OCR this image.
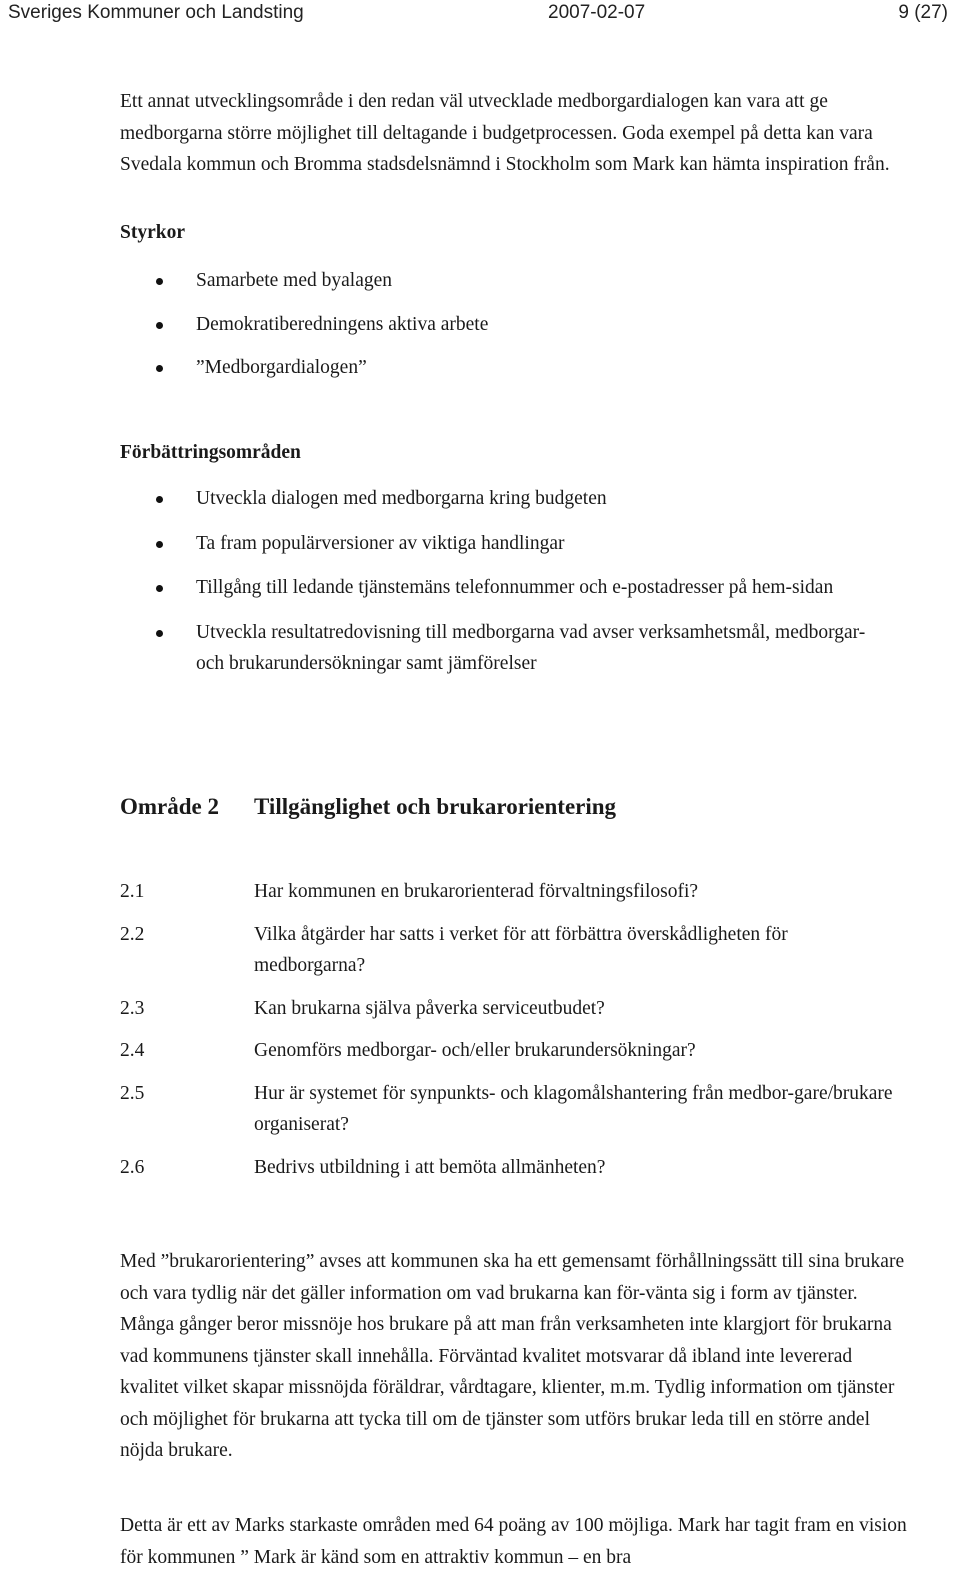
Sveriges Kommuner och Landsting	2007-02-07	9 (27)

Ett annat utvecklingsområde i den redan väl utvecklade medborgardialogen kan vara att ge medborgarna större möjlighet till deltagande i budgetprocessen. Goda exempel på detta kan vara Svedala kommun och Bromma stadsdelsnämnd i Stockholm som Mark kan hämta inspiration från.

Styrkor
Samarbete med byalagen
Demokratiberedningens aktiva arbete
”Medborgardialogen”
Förbättringsområden
Utveckla dialogen med medborgarna kring budgeten
Ta fram populärversioner av viktiga handlingar
Tillgång till ledande tjänstemäns telefonnummer och e-postadresser på hem-sidan
Utveckla resultatredovisning till medborgarna vad avser verksamhetsmål, medborgar- och brukarundersökningar samt jämförelser
Område 2 Tillgänglighet och brukarorientering
2.1	Har kommunen en brukarorienterad förvaltningsfilosofi?
2.2	Vilka åtgärder har satts i verket för att förbättra överskådligheten för medborgarna?
2.3	Kan brukarna själva påverka serviceutbudet?
2.4	Genomförs medborgar- och/eller brukarundersökningar?
2.5	Hur är systemet för synpunkts- och klagomålshantering från medbor-gare/brukare organiserat?
2.6	Bedrivs utbildning i att bemöta allmänheten?

Med ”brukarorientering” avses att kommunen ska ha ett gemensamt förhållningssätt till sina brukare och vara tydlig när det gäller information om vad brukarna kan för-vänta sig i form av tjänster. Många gånger beror missnöje hos brukare på att man från verksamheten inte klargjort för brukarna vad kommunens tjänster skall innehålla. Förväntad kvalitet motsvarar då ibland inte levererad kvalitet vilket skapar missnöjda föräldrar, vårdtagare, klienter, m.m. Tydlig information om tjänster och möjlighet för brukarna att tycka till om de tjänster som utförs brukar leda till en större andel nöjda brukare.

Detta är ett av Marks starkaste områden med 64 poäng av 100 möjliga. Mark har tagit fram en vision för kommunen ” Mark är känd som en attraktiv kommun – en bra
